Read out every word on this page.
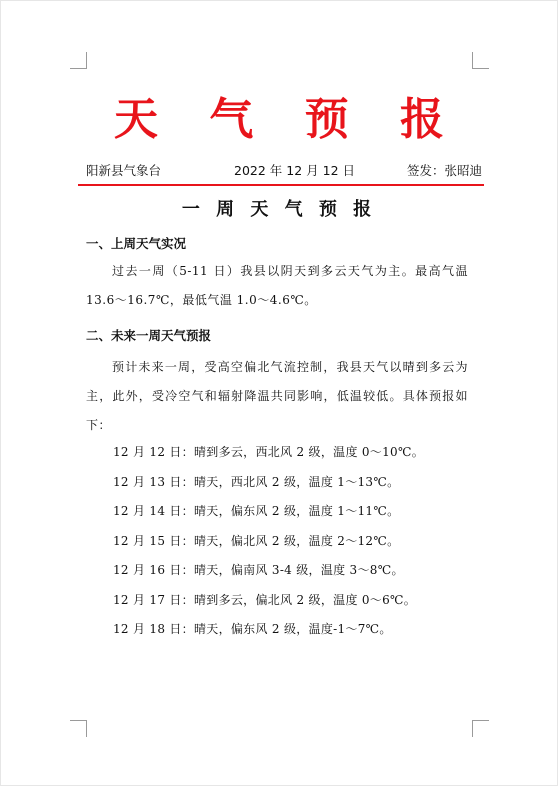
天 气 预 报
阳新县气象台	2022 年 12 月 12 日	签发：张昭迪
一 周 天 气 预 报
一、上周天气实况
过去一周（5-11 日）我县以阴天到多云天气为主。最高气温 13.6～16.7℃，最低气温 1.0～4.6℃。
二、未来一周天气预报
预计未来一周，受高空偏北气流控制，我县天气以晴到多云为主，此外，受冷空气和辐射降温共同影响，低温较低。具体预报如下：
12 月 12 日：晴到多云，西北风 2 级，温度 0～10℃。
12 月 13 日：晴天，西北风 2 级，温度 1～13℃。
12 月 14 日：晴天，偏东风 2 级，温度 1～11℃。
12 月 15 日：晴天，偏北风 2 级，温度 2～12℃。
12 月 16 日：晴天，偏南风 3-4 级，温度 3～8℃。
12 月 17 日：晴到多云，偏北风 2 级，温度 0～6℃。
12 月 18 日：晴天，偏东风 2 级，温度-1～7℃。
